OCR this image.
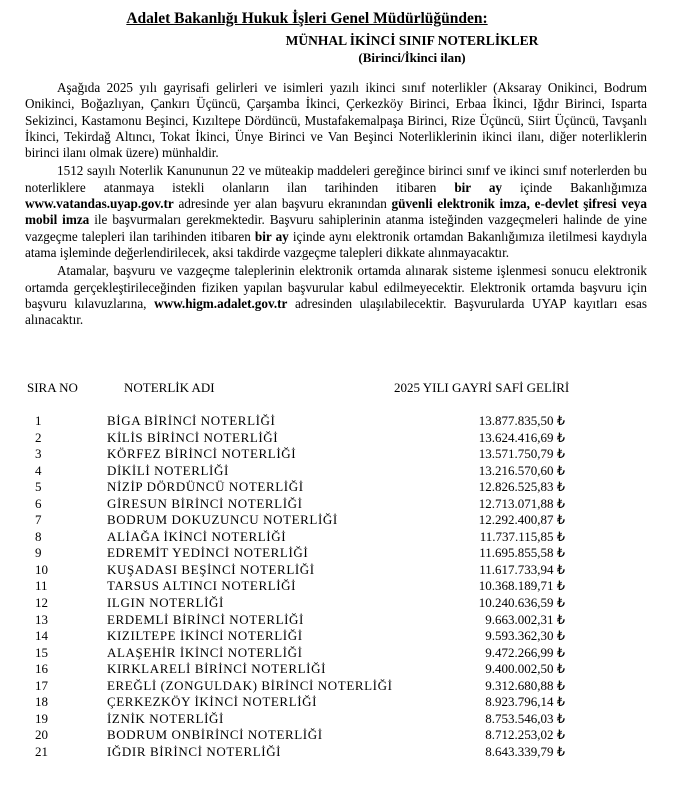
Adalet Bakanlığı Hukuk İşleri Genel Müdürlüğünden:
MÜNHAL İKİNCİ SINIF NOTERLİKLER
(Birinci/İkinci ilan)

Aşağıda 2025 yılı gayrisafi gelirleri ve isimleri yazılı ikinci sınıf noterlikler (Aksaray Onikinci, Bodrum Onikinci, Boğazlıyan, Çankırı Üçüncü, Çarşamba İkinci, Çerkezköy Birinci, Erbaa İkinci, Iğdır Birinci, Isparta Sekizinci, Kastamonu Beşinci, Kızıltepe Dördüncü, Mustafakemalpaşa Birinci, Rize Üçüncü, Siirt Üçüncü, Tavşanlı İkinci, Tekirdağ Altıncı, Tokat İkinci, Ünye Birinci ve Van Beşinci Noterliklerinin ikinci ilanı, diğer noterliklerin birinci ilanı olmak üzere) münhaldir.

1512 sayılı Noterlik Kanununun 22 ve müteakip maddeleri gereğince birinci sınıf ve ikinci sınıf noterlerden bu noterliklere atanmaya istekli olanların ilan tarihinden itibaren bir ay içinde Bakanlığımıza www.vatandas.uyap.gov.tr adresinde yer alan başvuru ekranından güvenli elektronik imza, e-devlet şifresi veya mobil imza ile başvurmaları gerekmektedir. Başvuru sahiplerinin atanma isteğinden vazgeçmeleri halinde de yine vazgeçme talepleri ilan tarihinden itibaren bir ay içinde aynı elektronik ortamdan Bakanlığımıza iletilmesi kaydıyla atama işleminde değerlendirilecek, aksi takdirde vazgeçme talepleri dikkate alınmayacaktır.

Atamalar, başvuru ve vazgeçme taleplerinin elektronik ortamda alınarak sisteme işlenmesi sonucu elektronik ortamda gerçekleştirileceğinden fiziken yapılan başvurular kabul edilmeyecektir. Elektronik ortamda başvuru için başvuru kılavuzlarına, www.higm.adalet.gov.tr adresinden ulaşılabilecektir. Başvurularda UYAP kayıtları esas alınacaktır.

SIRA NO	NOTERLİK ADI	2025 YILI GAYRİ SAFİ GELİRİ
1	BİGA BİRİNCİ NOTERLİĞİ	13.877.835,50 ₺
2	KİLİS BİRİNCİ NOTERLİĞİ	13.624.416,69 ₺
3	KÖRFEZ BİRİNCİ NOTERLİĞİ	13.571.750,79 ₺
4	DİKİLİ NOTERLİĞİ	13.216.570,60 ₺
5	NİZİP DÖRDÜNCÜ NOTERLİĞİ	12.826.525,83 ₺
6	GİRESUN BİRİNCİ NOTERLİĞİ	12.713.071,88 ₺
7	BODRUM DOKUZUNCU NOTERLİĞİ	12.292.400,87 ₺
8	ALİAĞA İKİNCİ NOTERLİĞİ	11.737.115,85 ₺
9	EDREMİT YEDİNCİ NOTERLİĞİ	11.695.855,58 ₺
10	KUŞADASI BEŞİNCİ NOTERLİĞİ	11.617.733,94 ₺
11	TARSUS ALTINCI NOTERLİĞİ	10.368.189,71 ₺
12	ILGIN NOTERLİĞİ	10.240.636,59 ₺
13	ERDEMLİ BİRİNCİ NOTERLİĞİ	9.663.002,31 ₺
14	KIZILTEPE İKİNCİ NOTERLİĞİ	9.593.362,30 ₺
15	ALAŞEHİR İKİNCİ NOTERLİĞİ	9.472.266,99 ₺
16	KIRKLARELİ BİRİNCİ NOTERLİĞİ	9.400.002,50 ₺
17	EREĞLİ (ZONGULDAK) BİRİNCİ NOTERLİĞİ	9.312.680,88 ₺
18	ÇERKEZKÖY İKİNCİ NOTERLİĞİ	8.923.796,14 ₺
19	İZNİK NOTERLİĞİ	8.753.546,03 ₺
20	BODRUM ONBİRİNCİ NOTERLİĞİ	8.712.253,02 ₺
21	IĞDIR BİRİNCİ NOTERLİĞİ	8.643.339,79 ₺
